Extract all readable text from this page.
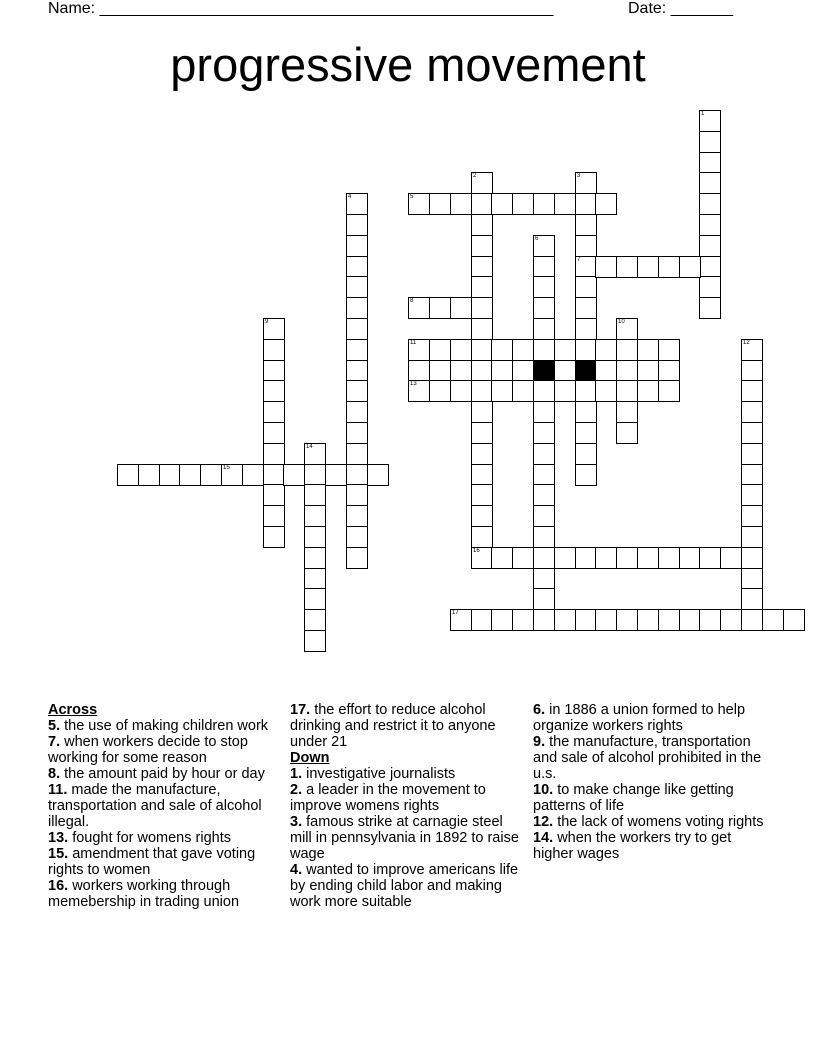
Name: ___________________________________________________	Date: _______
progressive movement
1
2
16
3
7
4	5
6
8
9	10
11	12
13
14
15
17
Across
5. the use of making children work
7. when workers decide to stop working for some reason
8. the amount paid by hour or day
11. made the manufacture, transportation and sale of alcohol illegal.
13. fought for womens rights
15. amendment that gave voting rights to women
16. workers working through memebership in trading union
17. the effort to reduce alcohol drinking and restrict it to anyone under 21
Down
1. investigative journalists
2. a leader in the movement to improve womens rights
3. famous strike at carnagie steel mill in pennsylvania in 1892 to raise wage
4. wanted to improve americans life by ending child labor and making work more suitable
6. in 1886 a union formed to help organize workers rights
9. the manufacture, transportation and sale of alcohol prohibited in the u.s.
10. to make change like getting patterns of life
12. the lack of womens voting rights
14. when the workers try to get higher wages
